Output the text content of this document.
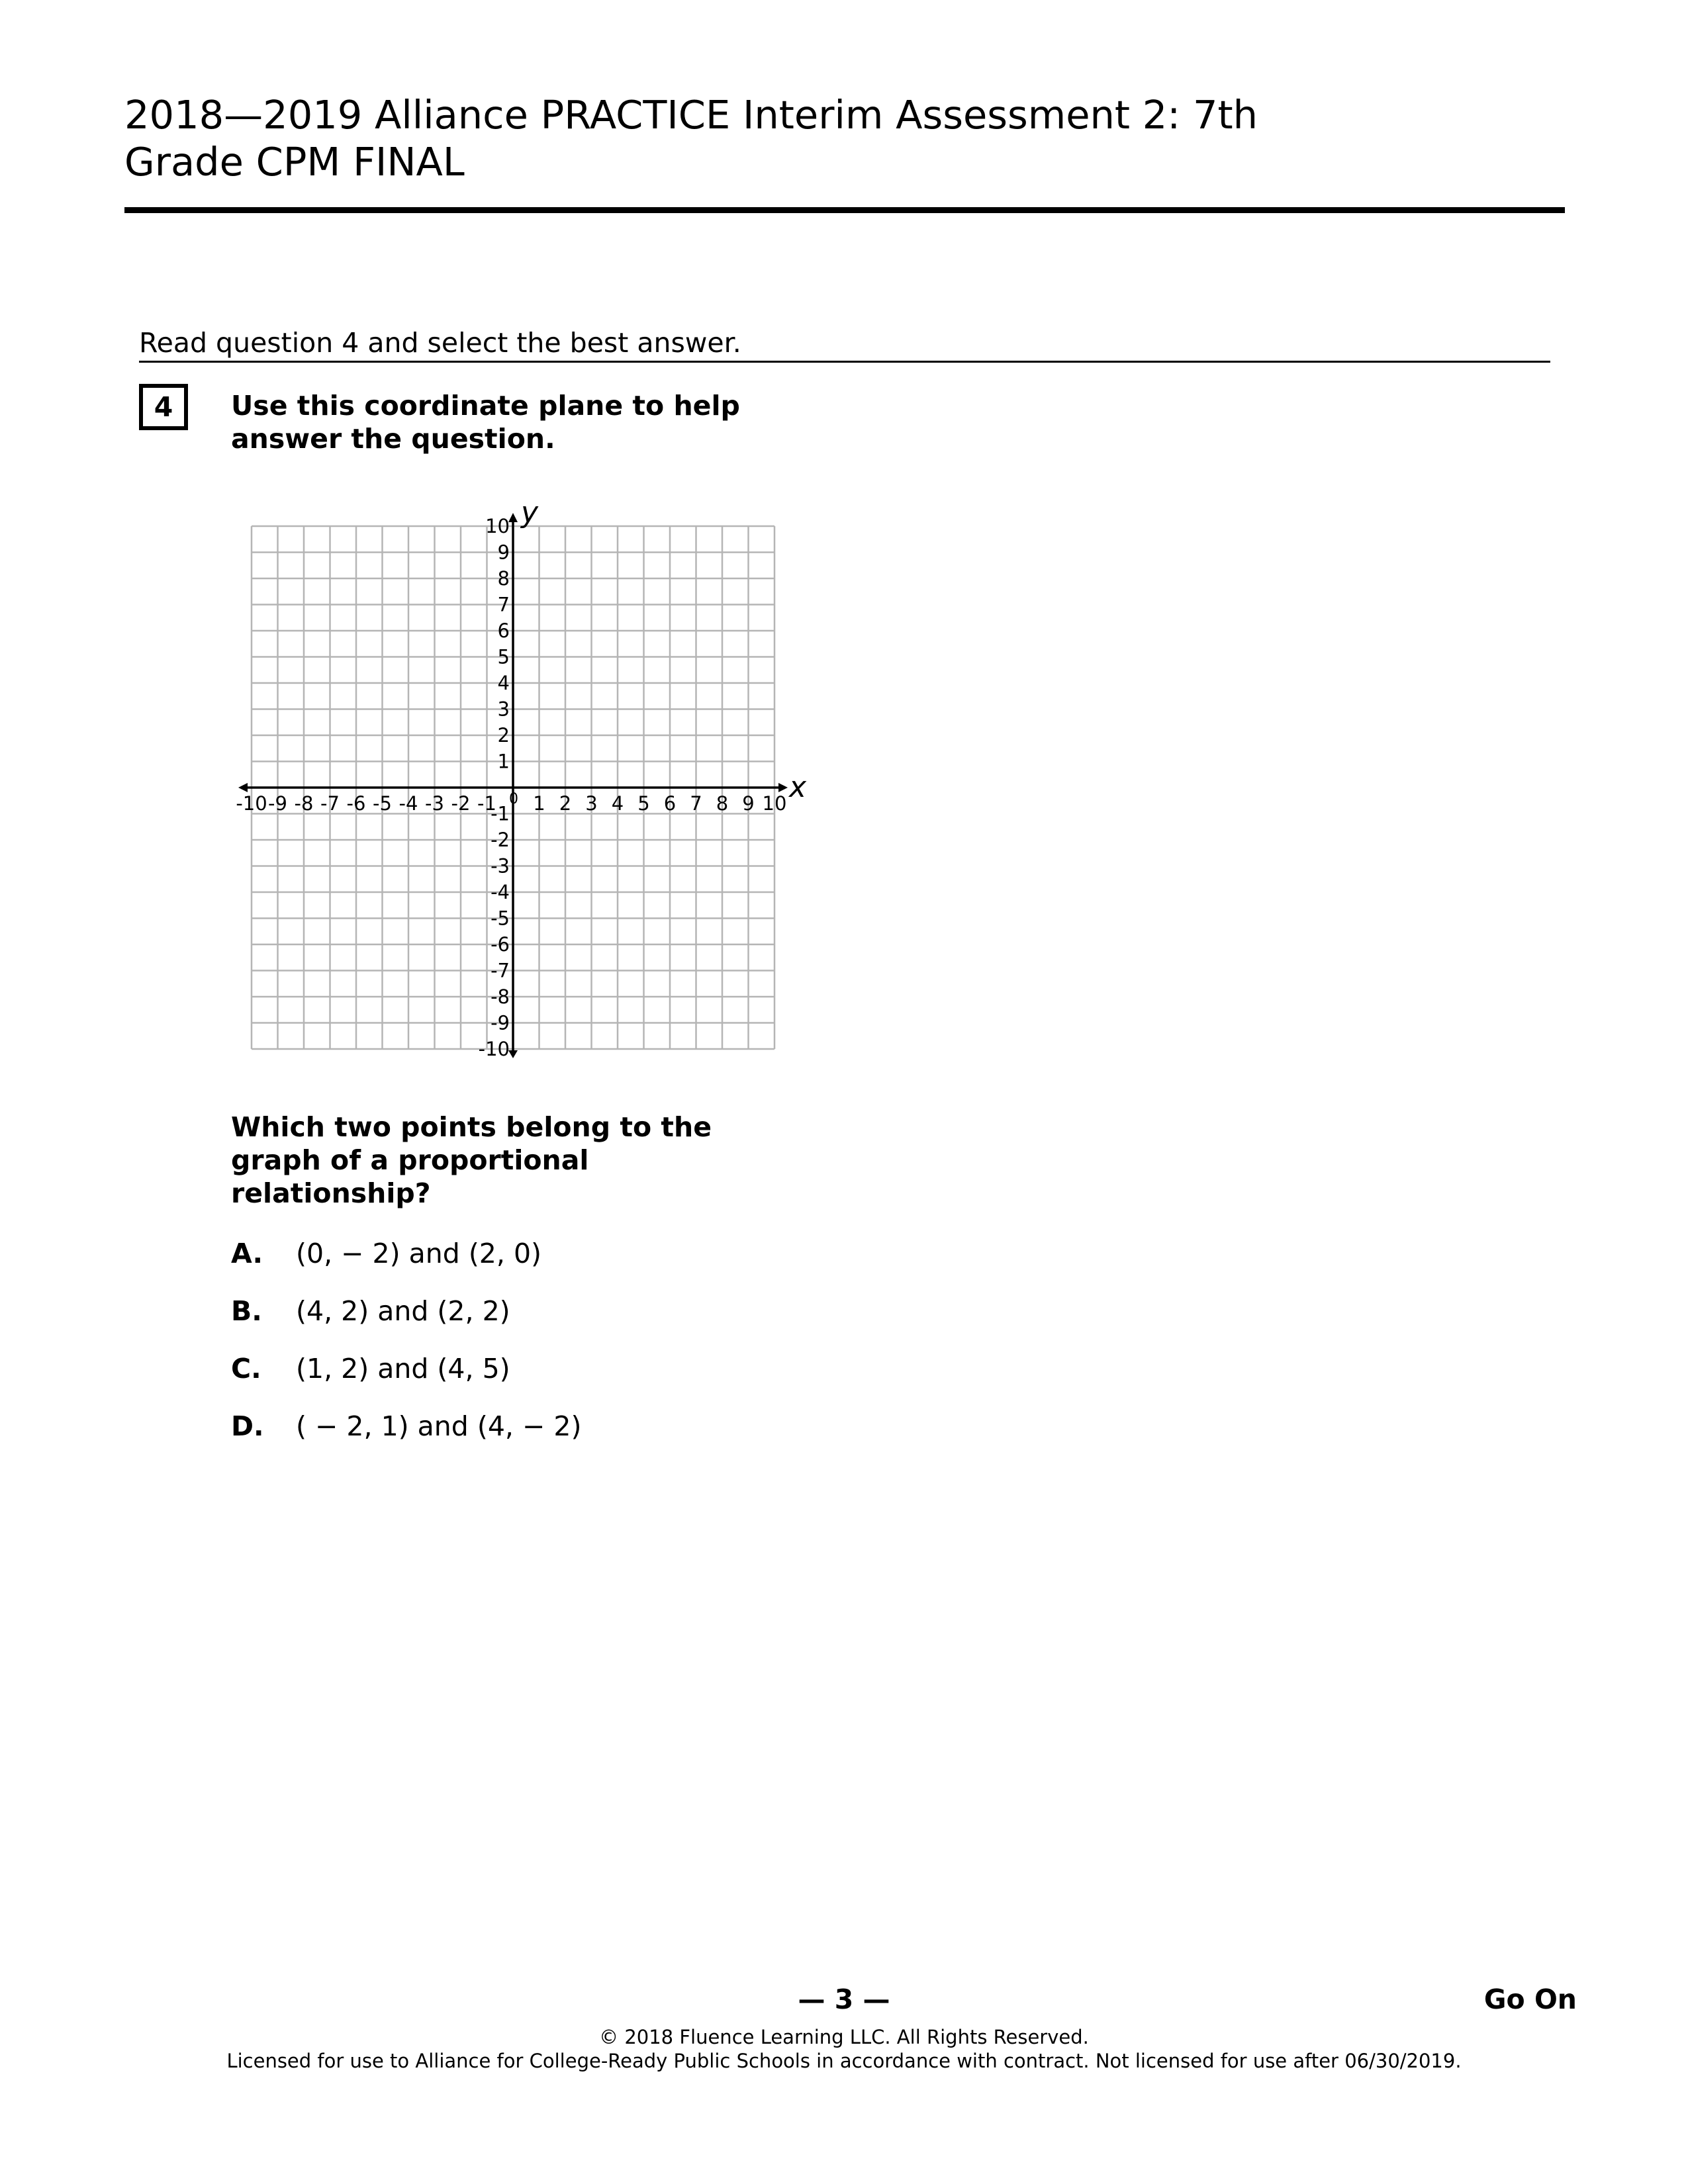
2018—2019 Alliance PRACTICE Interim Assessment 2: 7th
Grade CPM FINAL
Read question 4 and select the best answer.
4	Use this coordinate plane to help
answer the question.
x
y
-10 -9 -8 -7 -6 -5 -4 -3 -2 -1 1 2 3 4 5 6 7 8 9 10
10
9
8
7
6
5
4
3
2
1
-1
-2
-3
-4
-5
-6
-7
-8
-9
-10
0
Which two points belong to the
graph of a proportional
relationship?
A. (0, − 2) and (2, 0)
B. (4, 2) and (2, 2)
C. (1, 2) and (4, 5)
D. ( − 2, 1) and (4, − 2)
— 3 —	Go On
© 2018 Fluence Learning LLC. All Rights Reserved.
Licensed for use to Alliance for College-Ready Public Schools in accordance with contract. Not licensed for use after 06/30/2019.
